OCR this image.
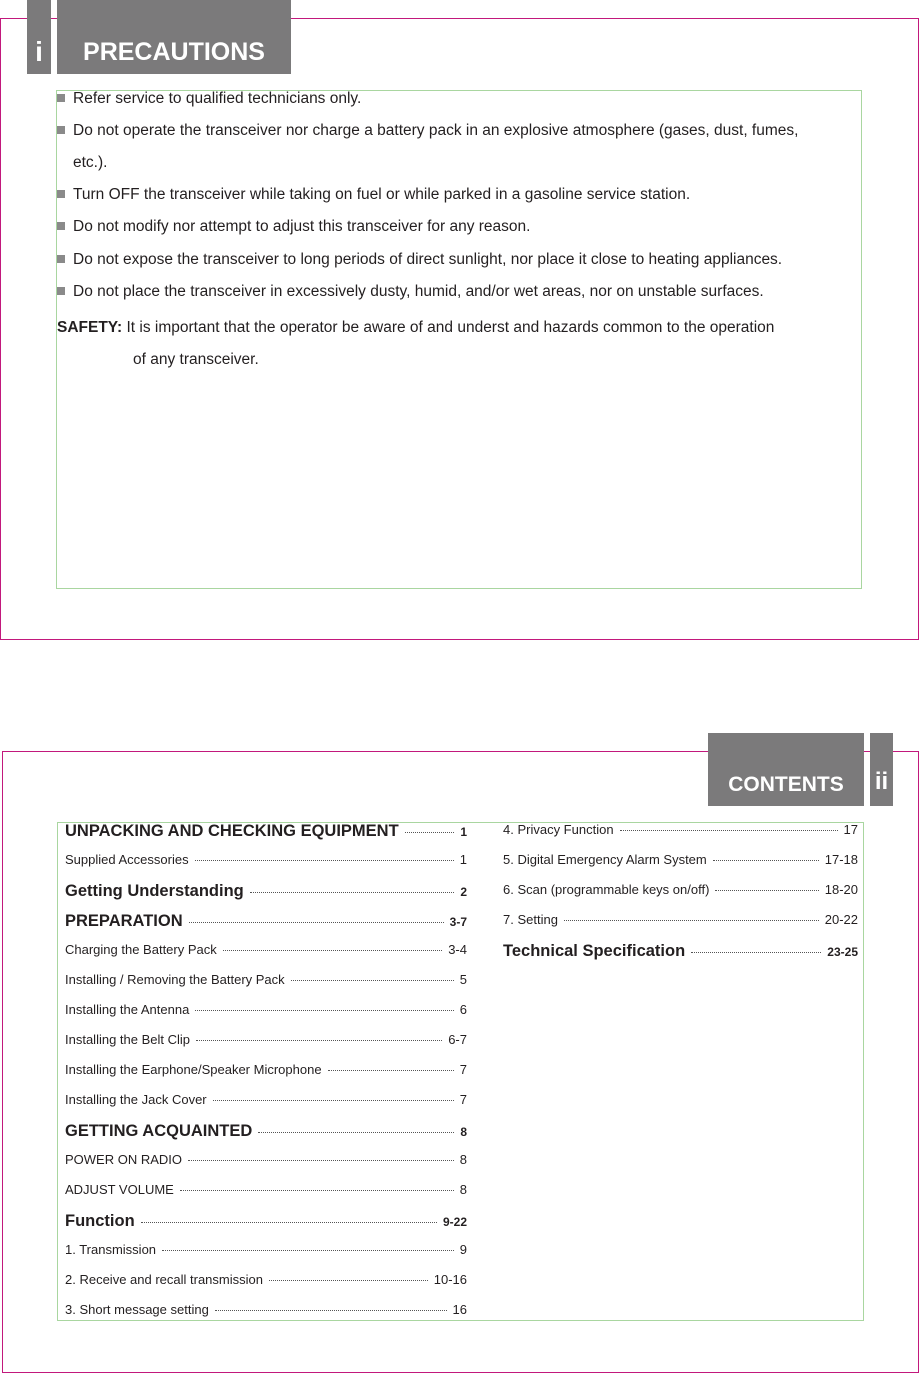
i PRECAUTIONS
Refer service to qualified technicians only.
Do not operate the transceiver nor charge a battery pack in an explosive atmosphere (gases, dust, fumes,
etc.).
Turn OFF the transceiver while taking on fuel or while parked in a gasoline service station.
Do not modify nor attempt to adjust this transceiver for any reason.
Do not expose the transceiver to long periods of direct sunlight, nor place it close to heating appliances.
Do not place the transceiver in excessively dusty, humid, and/or wet areas, nor on unstable surfaces.
SAFETY: It is important that the operator be aware of and underst and hazards common to the operation
of any transceiver.
CONTENTS ii
UNPACKING AND CHECKING EQUIPMENT	1
Supplied Accessories	1
Getting Understanding	2
PREPARATION	3-7
Charging the Battery Pack	3-4
Installing / Removing the Battery Pack	5
Installing the Antenna	6
Installing the Belt Clip	6-7
Installing the Earphone/Speaker Microphone	7
Installing the Jack Cover	7
GETTING ACQUAINTED	8
POWER ON RADIO	8
ADJUST VOLUME	8
Function	9-22
1. Transmission	9
2. Receive and recall transmission	10-16
3. Short message setting	16
4. Privacy Function	17
5. Digital Emergency Alarm System	17-18
6. Scan (programmable keys on/off)	18-20
7. Setting	20-22
Technical Specification	23-25
